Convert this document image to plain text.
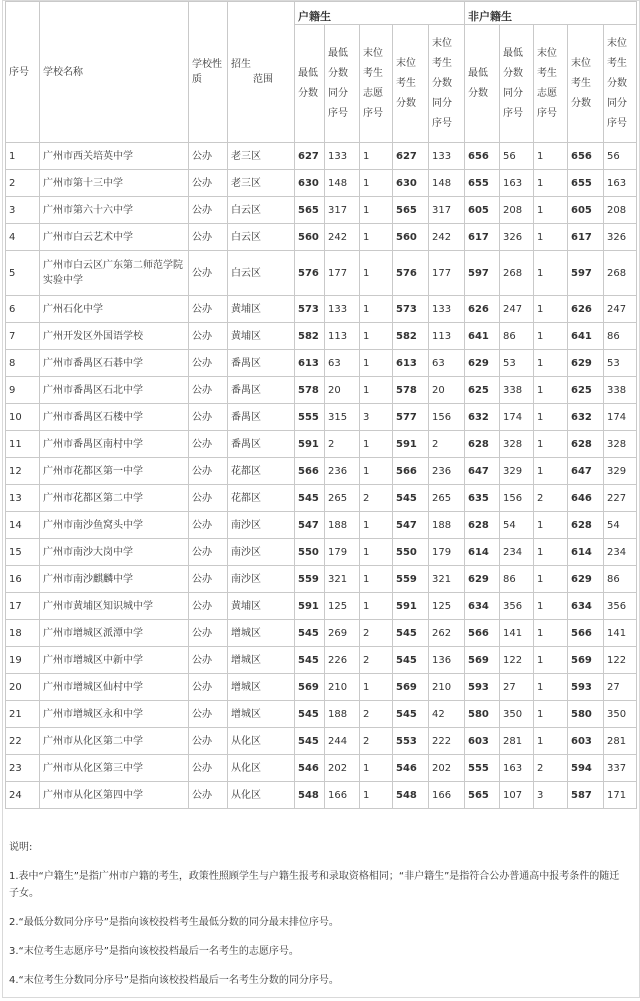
序号	学校名称	学校性质	招生
范围	户籍生					非户籍生				
				最低分数	最低分数同分序号	末位考生志愿序号	末位考生分数	末位考生分数同分序号	最低分数	最低分数同分序号	末位考生志愿序号	末位考生分数	末位考生分数同分序号
1	广州市西关培英中学	公办	老三区	627	133	1	627	133	656	56	1	656	56
2	广州市第十三中学	公办	老三区	630	148	1	630	148	655	163	1	655	163
3	广州市第六十六中学	公办	白云区	565	317	1	565	317	605	208	1	605	208
4	广州市白云艺术中学	公办	白云区	560	242	1	560	242	617	326	1	617	326
5	广州市白云区广东第二师范学院实验中学	公办	白云区	576	177	1	576	177	597	268	1	597	268
6	广州石化中学	公办	黄埔区	573	133	1	573	133	626	247	1	626	247
7	广州开发区外国语学校	公办	黄埔区	582	113	1	582	113	641	86	1	641	86
8	广州市番禺区石碁中学	公办	番禺区	613	63	1	613	63	629	53	1	629	53
9	广州市番禺区石北中学	公办	番禺区	578	20	1	578	20	625	338	1	625	338
10	广州市番禺区石楼中学	公办	番禺区	555	315	3	577	156	632	174	1	632	174
11	广州市番禺区南村中学	公办	番禺区	591	2	1	591	2	628	328	1	628	328
12	广州市花都区第一中学	公办	花都区	566	236	1	566	236	647	329	1	647	329
13	广州市花都区第二中学	公办	花都区	545	265	2	545	265	635	156	2	646	227
14	广州市南沙鱼窝头中学	公办	南沙区	547	188	1	547	188	628	54	1	628	54
15	广州市南沙大岗中学	公办	南沙区	550	179	1	550	179	614	234	1	614	234
16	广州市南沙麒麟中学	公办	南沙区	559	321	1	559	321	629	86	1	629	86
17	广州市黄埔区知识城中学	公办	黄埔区	591	125	1	591	125	634	356	1	634	356
18	广州市增城区派潭中学	公办	增城区	545	269	2	545	262	566	141	1	566	141
19	广州市增城区中新中学	公办	增城区	545	226	2	545	136	569	122	1	569	122
20	广州市增城区仙村中学	公办	增城区	569	210	1	569	210	593	27	1	593	27
21	广州市增城区永和中学	公办	增城区	545	188	2	545	42	580	350	1	580	350
22	广州市从化区第二中学	公办	从化区	545	244	2	553	222	603	281	1	603	281
23	广州市从化区第三中学	公办	从化区	546	202	1	546	202	555	163	2	594	337
24	广州市从化区第四中学	公办	从化区	548	166	1	548	166	565	107	3	587	171

说明:

1.表中“户籍生”是指广州市户籍的考生，政策性照顾学生与户籍生报考和录取资格相同；“非户籍生”是指符合公办普通高中报考条件的随迁子女。

2.“最低分数同分序号”是指向该校投档考生最低分数的同分最末排位序号。

3.“末位考生志愿序号”是指向该校投档最后一名考生的志愿序号。

4.“末位考生分数同分序号”是指向该校投档最后一名考生分数的同分序号。
